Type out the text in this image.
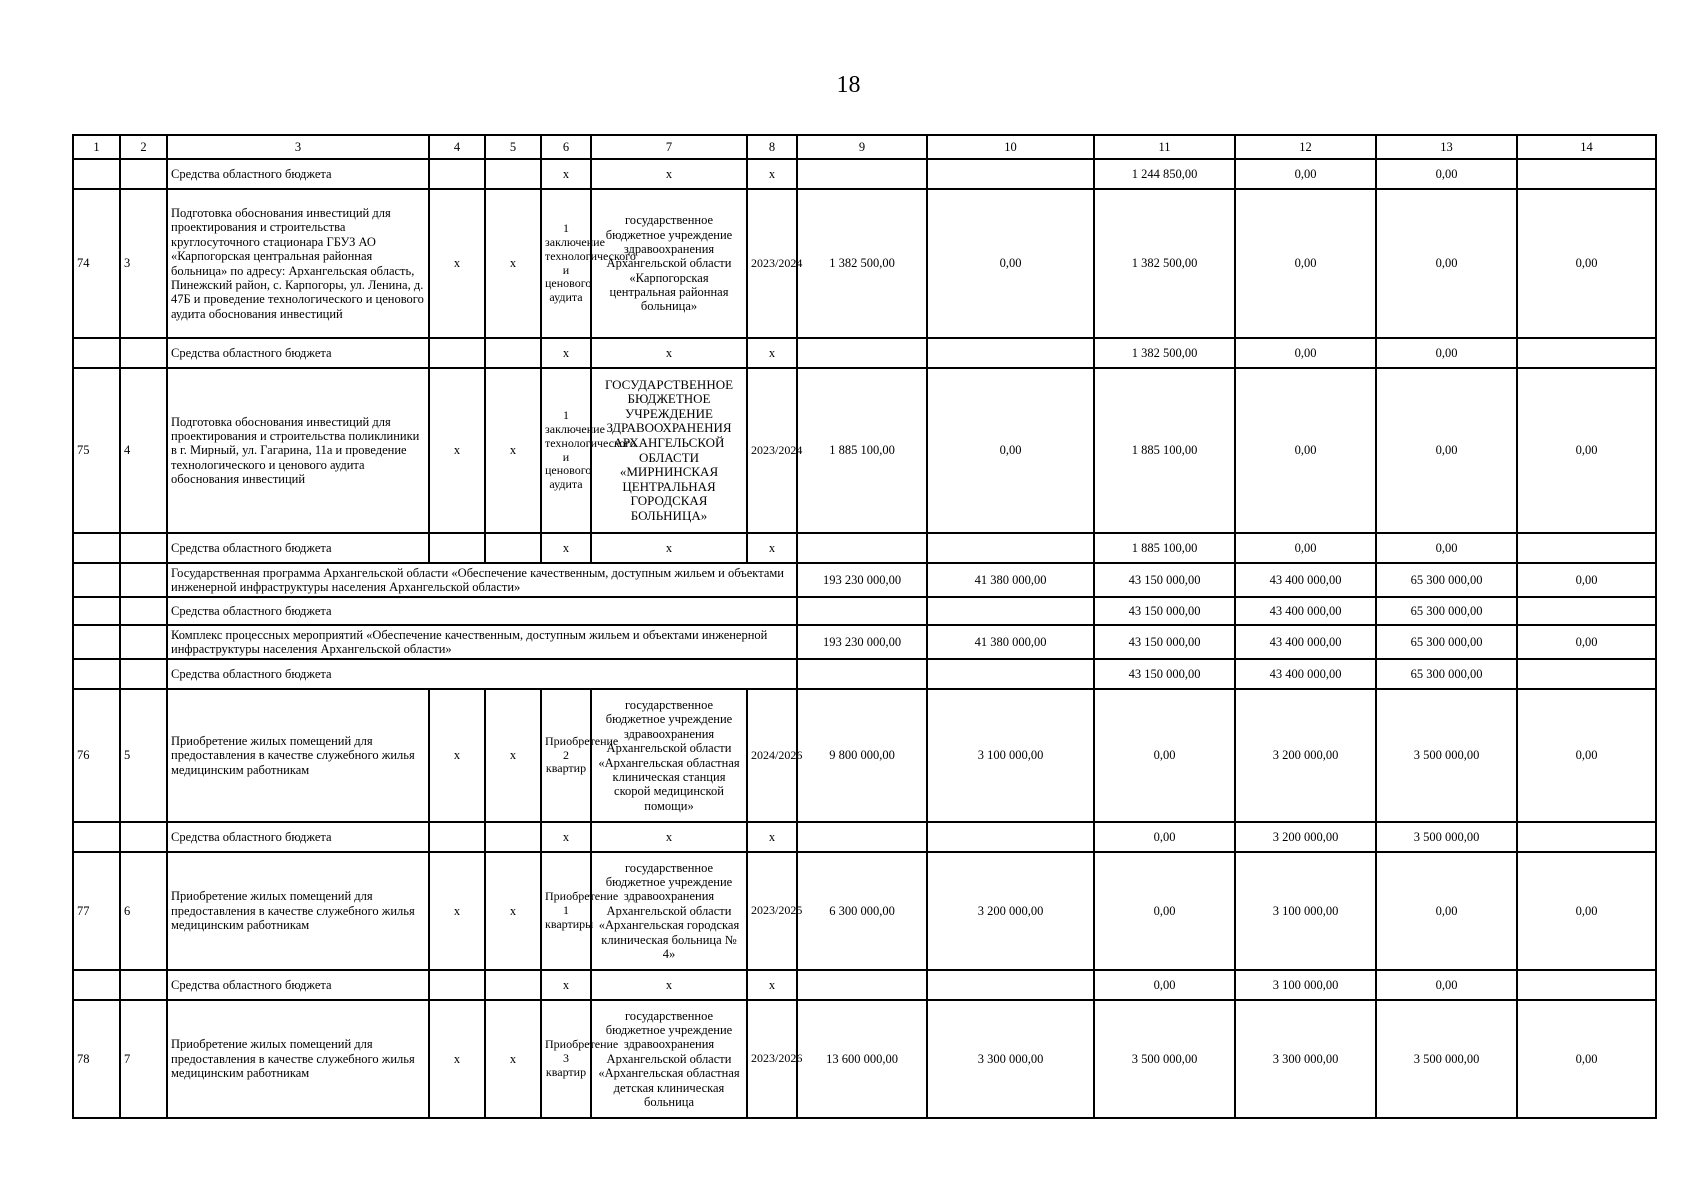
18
1	2	3	4	5	6	7	8	9	10	11	12	13	14
		Средства областного бюджета			х	х	х			1 244 850,00	0,00	0,00	
74	3	Подготовка обоснования инвестиций для проектирования и строительства круглосуточного стационара ГБУЗ АО «Карпогорская центральная районная больница» по адресу: Архангельская область, Пинежский район, с. Карпогоры, ул. Ленина, д. 47Б и проведение технологического и ценового аудита обоснования инвестиций	х	х	1 заключение технологического и ценового аудита	государственное бюджетное учреждение здравоохранения Архангельской области «Карпогорская центральная районная больница»	2023/2024	1 382 500,00	0,00	1 382 500,00	0,00	0,00	0,00
		Средства областного бюджета			х	х	х			1 382 500,00	0,00	0,00	
75	4	Подготовка обоснования инвестиций для проектирования и строительства поликлиники в г. Мирный, ул. Гагарина, 11а и проведение технологического и ценового аудита обоснования инвестиций	х	х	1 заключение технологического и ценового аудита	ГОСУДАРСТВЕННОЕ БЮДЖЕТНОЕ УЧРЕЖДЕНИЕ ЗДРАВООХРАНЕНИЯ АРХАНГЕЛЬСКОЙ ОБЛАСТИ «МИРНИНСКАЯ ЦЕНТРАЛЬНАЯ ГОРОДСКАЯ БОЛЬНИЦА»	2023/2024	1 885 100,00	0,00	1 885 100,00	0,00	0,00	0,00
		Средства областного бюджета			х	х	х			1 885 100,00	0,00	0,00	
		Государственная программа Архангельской области «Обеспечение качественным, доступным жильем и объектами инженерной инфраструктуры населения Архангельской области»						193 230 000,00	41 380 000,00	43 150 000,00	43 400 000,00	65 300 000,00	0,00
		Средства областного бюджета								43 150 000,00	43 400 000,00	65 300 000,00	
		Комплекс процессных мероприятий «Обеспечение качественным, доступным жильем и объектами инженерной инфраструктуры населения Архангельской области»						193 230 000,00	41 380 000,00	43 150 000,00	43 400 000,00	65 300 000,00	0,00
		Средства областного бюджета								43 150 000,00	43 400 000,00	65 300 000,00	
76	5	Приобретение жилых помещений для предоставления в качестве служебного жилья медицинским работникам	х	х	Приобретение 2 квартир	государственное бюджетное учреждение здравоохранения Архангельской области «Архангельская областная клиническая станция скорой медицинской помощи»	2024/2026	9 800 000,00	3 100 000,00	0,00	3 200 000,00	3 500 000,00	0,00
		Средства областного бюджета			х	х	х			0,00	3 200 000,00	3 500 000,00	
77	6	Приобретение жилых помещений для предоставления в качестве служебного жилья медицинским работникам	х	х	Приобретение 1 квартиры	государственное бюджетное учреждение здравоохранения Архангельской области «Архангельская городская клиническая больница № 4»	2023/2025	6 300 000,00	3 200 000,00	0,00	3 100 000,00	0,00	0,00
		Средства областного бюджета			х	х	х			0,00	3 100 000,00	0,00	
78	7	Приобретение жилых помещений для предоставления в качестве служебного жилья медицинским работникам	х	х	Приобретение 3 квартир	государственное бюджетное учреждение здравоохранения Архангельской области «Архангельская областная детская клиническая больница	2023/2026	13 600 000,00	3 300 000,00	3 500 000,00	3 300 000,00	3 500 000,00	0,00
